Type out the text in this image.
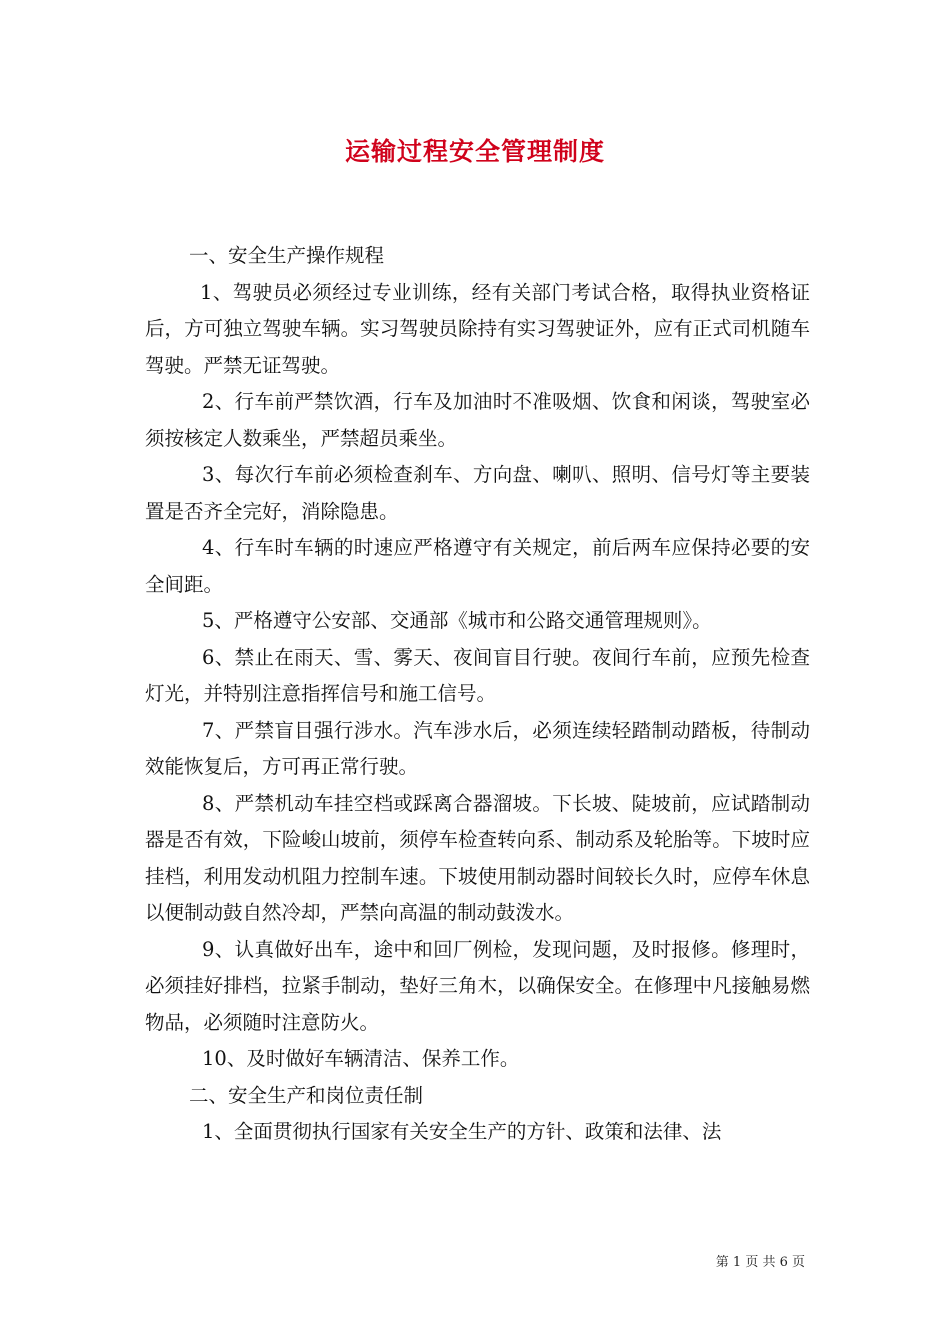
运输过程安全管理制度

一、安全生产操作规程

1、驾驶员必须经过专业训练，经有关部门考试合格，取得执业资格证后，方可独立驾驶车辆。实习驾驶员除持有实习驾驶证外，应有正式司机随车驾驶。严禁无证驾驶。

2、行车前严禁饮酒，行车及加油时不准吸烟、饮食和闲谈，驾驶室必须按核定人数乘坐，严禁超员乘坐。

3、每次行车前必须检查刹车、方向盘、喇叭、照明、信号灯等主要装置是否齐全完好，消除隐患。

4、行车时车辆的时速应严格遵守有关规定，前后两车应保持必要的安全间距。

5、严格遵守公安部、交通部《城市和公路交通管理规则》。

6、禁止在雨天、雪、雾天、夜间盲目行驶。夜间行车前，应预先检查灯光，并特别注意指挥信号和施工信号。

7、严禁盲目强行涉水。汽车涉水后，必须连续轻踏制动踏板，待制动效能恢复后，方可再正常行驶。

8、严禁机动车挂空档或踩离合器溜坡。下长坡、陡坡前，应试踏制动器是否有效，下险峻山坡前，须停车检查转向系、制动系及轮胎等。下坡时应挂档，利用发动机阻力控制车速。下坡使用制动器时间较长久时，应停车休息以便制动鼓自然冷却，严禁向高温的制动鼓泼水。

9、认真做好出车，途中和回厂例检，发现问题，及时报修。修理时，必须挂好排档，拉紧手制动，垫好三角木，以确保安全。在修理中凡接触易燃物品，必须随时注意防火。

10、及时做好车辆清洁、保养工作。

二、安全生产和岗位责任制

1、全面贯彻执行国家有关安全生产的方针、政策和法律、法

第 1 页 共 6 页
